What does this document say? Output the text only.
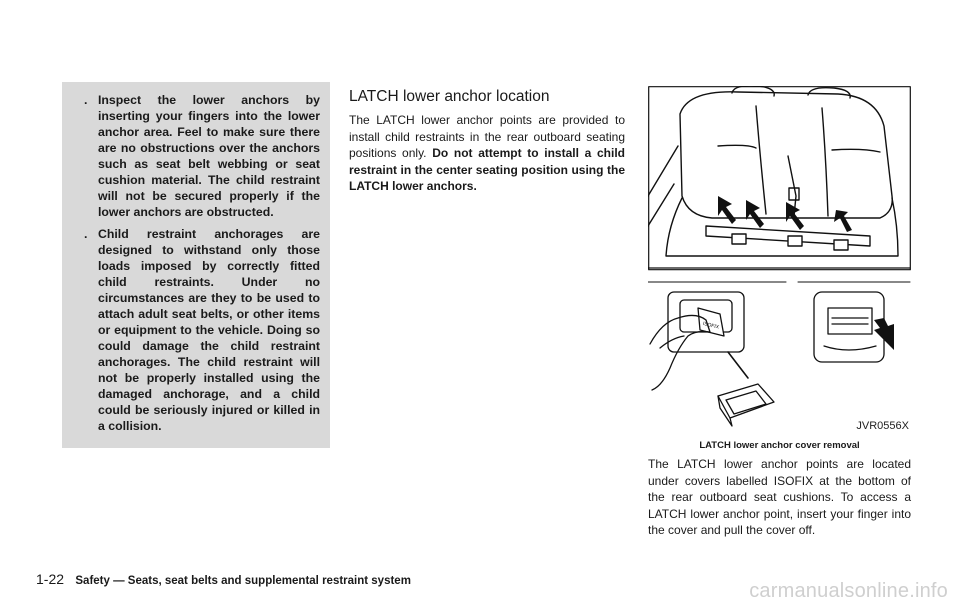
. Inspect the lower anchors by inserting your fingers into the lower anchor area. Feel to make sure there are no obstructions over the anchors such as seat belt webbing or seat cushion material. The child restraint will not be secured properly if the lower anchors are obstructed.
. Child restraint anchorages are designed to withstand only those loads imposed by correctly fitted child restraints. Under no circumstances are they to be used to attach adult seat belts, or other items or equipment to the vehicle. Doing so could damage the child restraint anchorages. The child restraint will not be properly installed using the damaged anchorage, and a child could be seriously injured or killed in a collision.
LATCH lower anchor location

The LATCH lower anchor points are provided to install child restraints in the rear outboard seating positions only. Do not attempt to install a child restraint in the center seating position using the LATCH lower anchors.

ISOFIX
JVR0556X

LATCH lower anchor cover removal

The LATCH lower anchor points are located under covers labelled ISOFIX at the bottom of the rear outboard seat cushions. To access a LATCH lower anchor point, insert your finger into the cover and pull the cover off.

1-22 Safety — Seats, seat belts and supplemental restraint system	carmanualsonline.info
